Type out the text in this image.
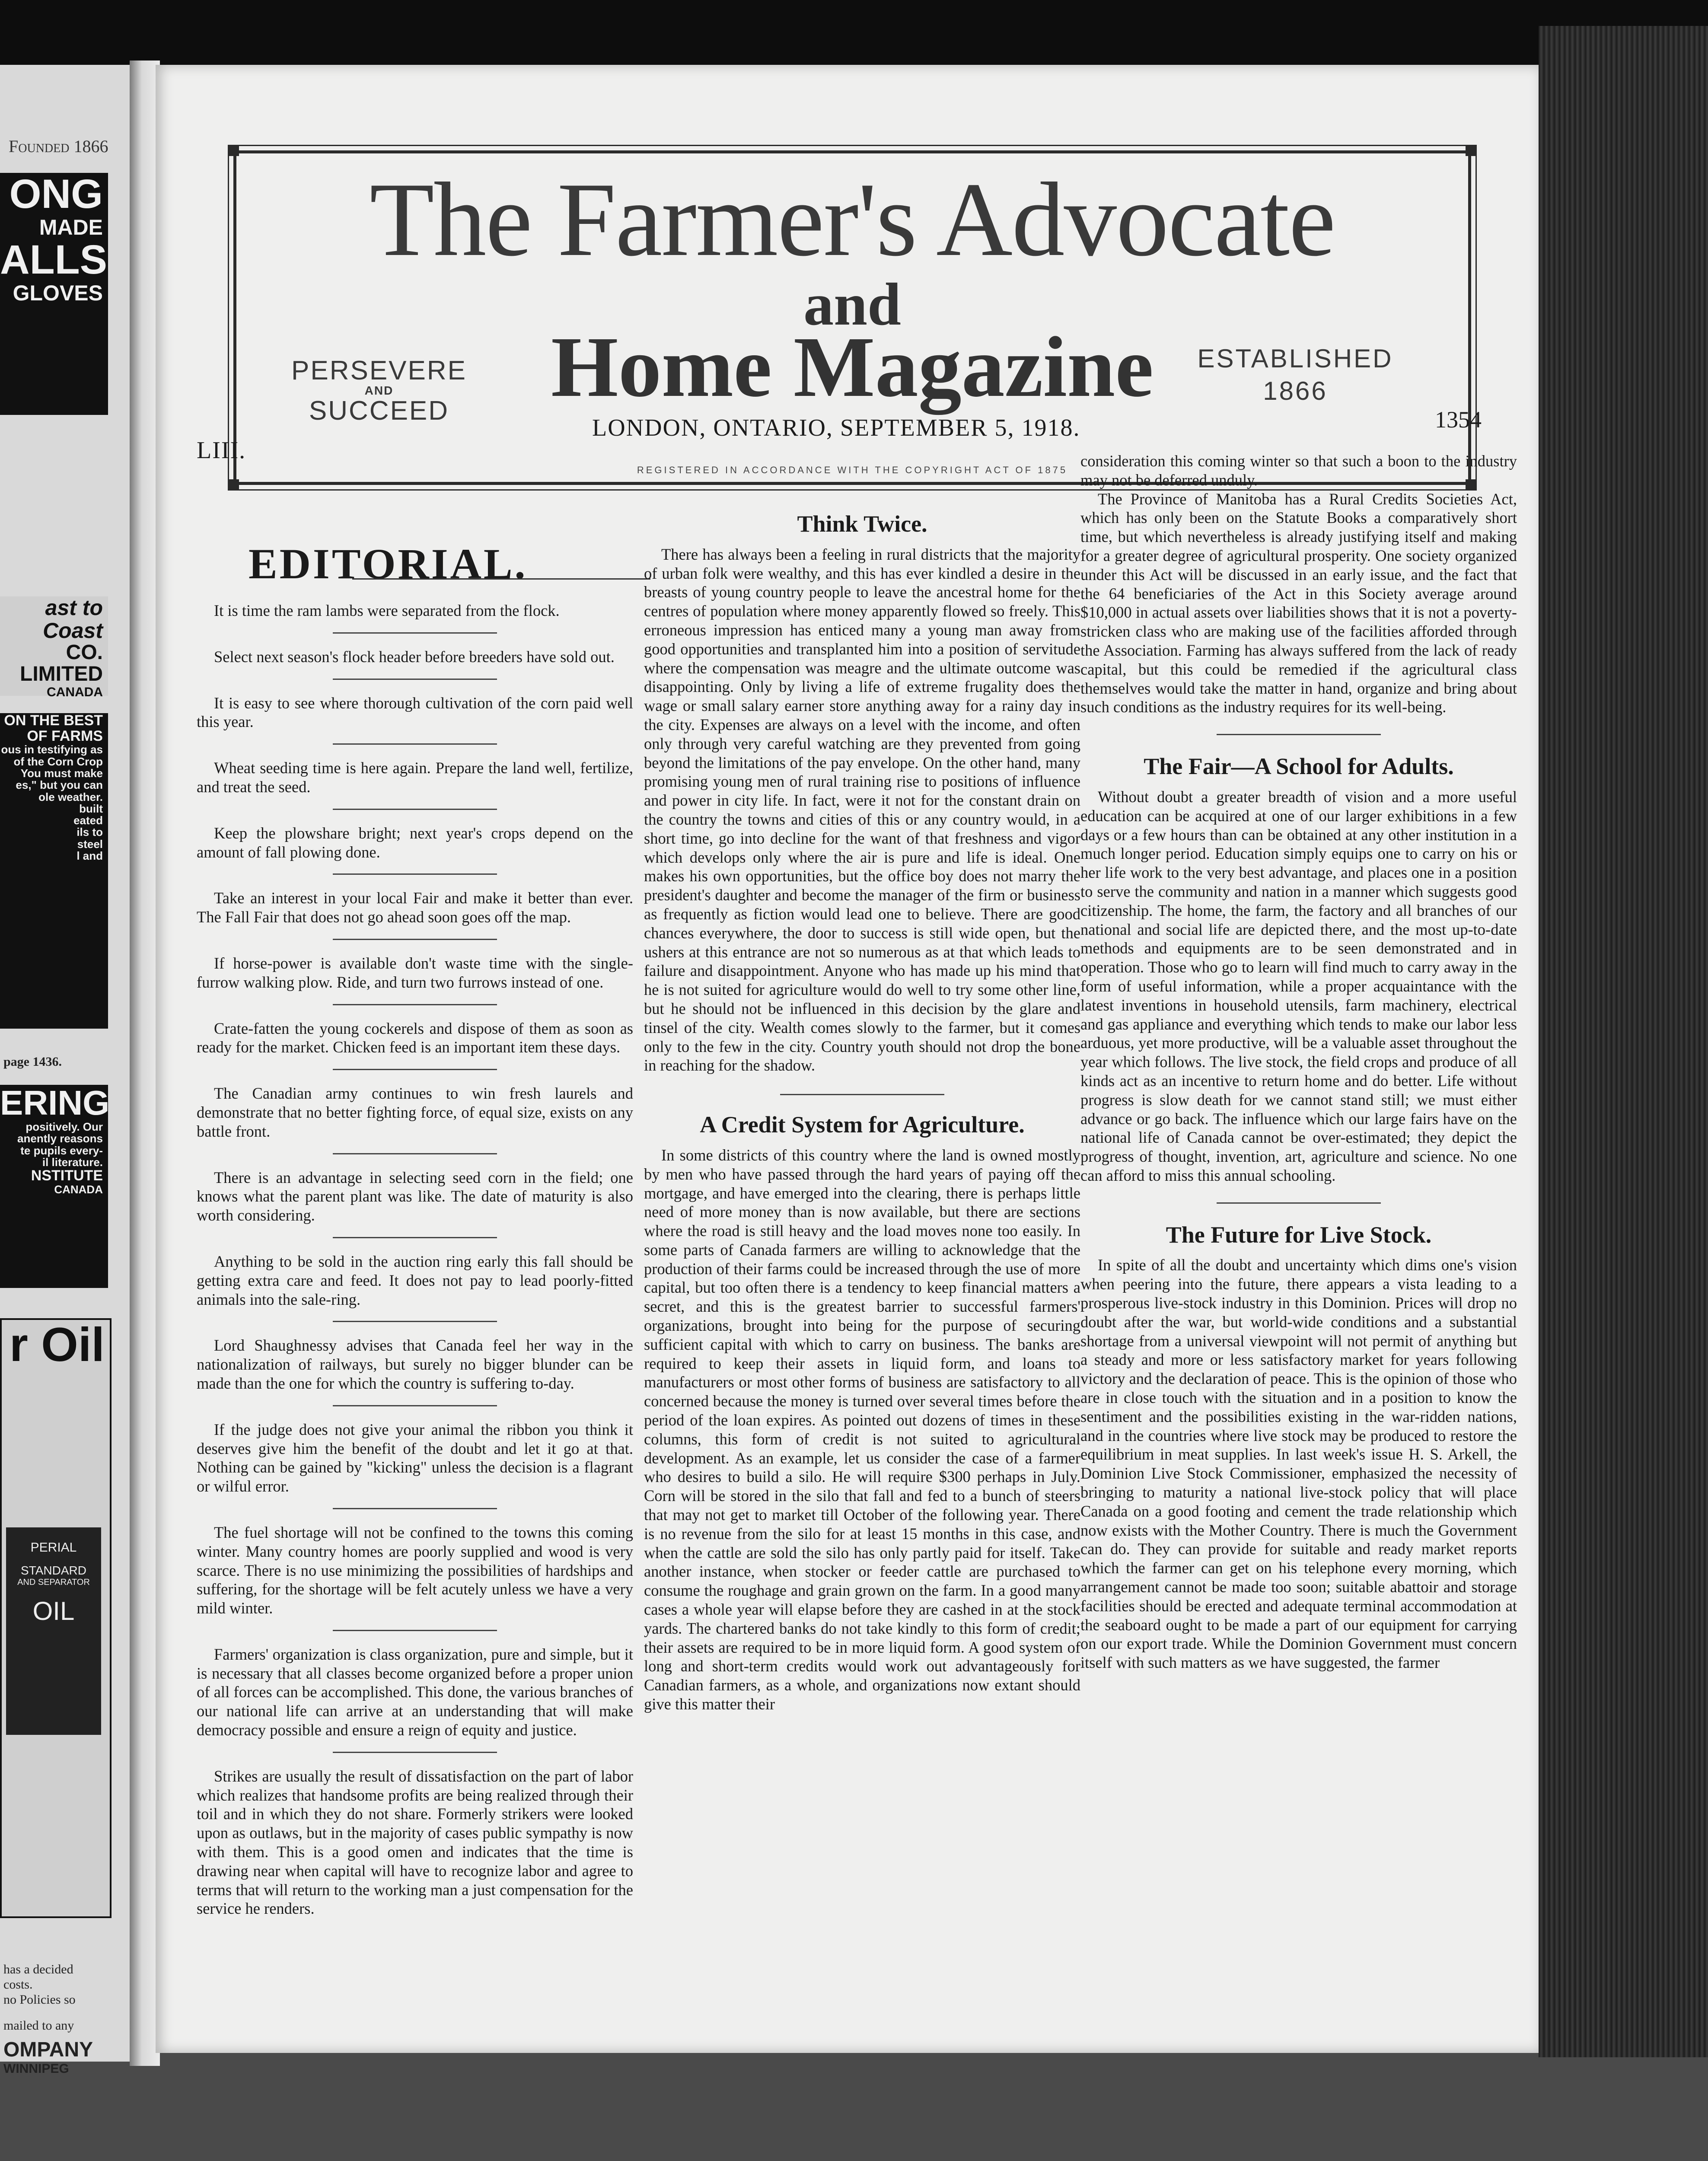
Founded 1866
ONG
MADE
ALLS
GLOVES
ast to Coast
CO. LIMITED
CANADA
ON THE BEST
OF FARMS
ous in testifying as
of the Corn Crop
You must make
es," but you can
ole weather.
built
eated
ils to
steel
l and
page 1436.
ERING
positively. Our
anently reasons
te pupils every-
il literature.
NSTITUTE
CANADA
r Oil
PERIAL
STANDARD
AND SEPARATOR
OIL
has a decided
costs.
no Policies so
mailed to any
OMPANY
WINNIPEG
The Farmer's Advocate
and
Home Magazine
PERSEVERE
AND
SUCCEED
ESTABLISHED
1866
REGISTERED IN ACCORDANCE WITH THE COPYRIGHT ACT OF 1875
LIII.
LONDON, ONTARIO, SEPTEMBER 5, 1918.	1354
EDITORIAL.

It is time the ram lambs were separated from the flock.

Select next season's flock header before breeders have sold out.

It is easy to see where thorough cultivation of the corn paid well this year.

Wheat seeding time is here again. Prepare the land well, fertilize, and treat the seed.

Keep the plowshare bright; next year's crops depend on the amount of fall plowing done.

Take an interest in your local Fair and make it better than ever. The Fall Fair that does not go ahead soon goes off the map.

If horse-power is available don't waste time with the single-furrow walking plow. Ride, and turn two furrows instead of one.

Crate-fatten the young cockerels and dispose of them as soon as ready for the market. Chicken feed is an important item these days.

The Canadian army continues to win fresh laurels and demonstrate that no better fighting force, of equal size, exists on any battle front.

There is an advantage in selecting seed corn in the field; one knows what the parent plant was like. The date of maturity is also worth considering.

Anything to be sold in the auction ring early this fall should be getting extra care and feed. It does not pay to lead poorly-fitted animals into the sale-ring.

Lord Shaughnessy advises that Canada feel her way in the nationalization of railways, but surely no bigger blunder can be made than the one for which the country is suffering to-day.

If the judge does not give your animal the ribbon you think it deserves give him the benefit of the doubt and let it go at that. Nothing can be gained by "kicking" unless the decision is a flagrant or wilful error.

The fuel shortage will not be confined to the towns this coming winter. Many country homes are poorly supplied and wood is very scarce. There is no use minimizing the possibilities of hardships and suffering, for the shortage will be felt acutely unless we have a very mild winter.

Farmers' organization is class organization, pure and simple, but it is necessary that all classes become organized before a proper union of all forces can be accomplished. This done, the various branches of our national life can arrive at an understanding that will make democracy possible and ensure a reign of equity and justice.

Strikes are usually the result of dissatisfaction on the part of labor which realizes that handsome profits are being realized through their toil and in which they do not share. Formerly strikers were looked upon as outlaws, but in the majority of cases public sympathy is now with them. This is a good omen and indicates that the time is drawing near when capital will have to recognize labor and agree to terms that will return to the working man a just compensation for the service he renders.

Think Twice.

There has always been a feeling in rural districts that the majority of urban folk were wealthy, and this has ever kindled a desire in the breasts of young country people to leave the ancestral home for the centres of population where money apparently flowed so freely. This erroneous impression has enticed many a young man away from good opportunities and transplanted him into a position of servitude where the compensation was meagre and the ultimate outcome was disappointing. Only by living a life of extreme frugality does the wage or small salary earner store anything away for a rainy day in the city. Expenses are always on a level with the income, and often only through very careful watching are they prevented from going beyond the limitations of the pay envelope. On the other hand, many promising young men of rural training rise to positions of influence and power in city life. In fact, were it not for the constant drain on the country the towns and cities of this or any country would, in a short time, go into decline for the want of that freshness and vigor which develops only where the air is pure and life is ideal. One makes his own opportunities, but the office boy does not marry the president's daughter and become the manager of the firm or business as frequently as fiction would lead one to believe. There are good chances everywhere, the door to success is still wide open, but the ushers at this entrance are not so numerous as at that which leads to failure and disappointment. Anyone who has made up his mind that he is not suited for agriculture would do well to try some other line, but he should not be influenced in this decision by the glare and tinsel of the city. Wealth comes slowly to the farmer, but it comes only to the few in the city. Country youth should not drop the bone in reaching for the shadow.

A Credit System for Agriculture.

In some districts of this country where the land is owned mostly by men who have passed through the hard years of paying off the mortgage, and have emerged into the clearing, there is perhaps little need of more money than is now available, but there are sections where the road is still heavy and the load moves none too easily. In some parts of Canada farmers are willing to acknowledge that the production of their farms could be increased through the use of more capital, but too often there is a tendency to keep financial matters a secret, and this is the greatest barrier to successful farmers' organizations, brought into being for the purpose of securing sufficient capital with which to carry on business. The banks are required to keep their assets in liquid form, and loans to manufacturers or most other forms of business are satisfactory to all concerned because the money is turned over several times before the period of the loan expires. As pointed out dozens of times in these columns, this form of credit is not suited to agricultural development. As an example, let us consider the case of a farmer who desires to build a silo. He will require $300 perhaps in July. Corn will be stored in the silo that fall and fed to a bunch of steers that may not get to market till October of the following year. There is no revenue from the silo for at least 15 months in this case, and when the cattle are sold the silo has only partly paid for itself. Take another instance, when stocker or feeder cattle are purchased to consume the roughage and grain grown on the farm. In a good many cases a whole year will elapse before they are cashed in at the stock yards. The chartered banks do not take kindly to this form of credit; their assets are required to be in more liquid form. A good system of long and short-term credits would work out advantageously for Canadian farmers, as a whole, and organizations now extant should give this matter their

consideration this coming winter so that such a boon to the industry may not be deferred unduly.

The Province of Manitoba has a Rural Credits Societies Act, which has only been on the Statute Books a comparatively short time, but which nevertheless is already justifying itself and making for a greater degree of agricultural prosperity. One society organized under this Act will be discussed in an early issue, and the fact that the 64 beneficiaries of the Act in this Society average around $10,000 in actual assets over liabilities shows that it is not a poverty-stricken class who are making use of the facilities afforded through the Association. Farming has always suffered from the lack of ready capital, but this could be remedied if the agricultural class themselves would take the matter in hand, organize and bring about such conditions as the industry requires for its well-being.

The Fair—A School for Adults.

Without doubt a greater breadth of vision and a more useful education can be acquired at one of our larger exhibitions in a few days or a few hours than can be obtained at any other institution in a much longer period. Education simply equips one to carry on his or her life work to the very best advantage, and places one in a position to serve the community and nation in a manner which suggests good citizenship. The home, the farm, the factory and all branches of our national and social life are depicted there, and the most up-to-date methods and equipments are to be seen demonstrated and in operation. Those who go to learn will find much to carry away in the form of useful information, while a proper acquaintance with the latest inventions in household utensils, farm machinery, electrical and gas appliance and everything which tends to make our labor less arduous, yet more productive, will be a valuable asset throughout the year which follows. The live stock, the field crops and produce of all kinds act as an incentive to return home and do better. Life without progress is slow death for we cannot stand still; we must either advance or go back. The influence which our large fairs have on the national life of Canada cannot be over-estimated; they depict the progress of thought, invention, art, agriculture and science. No one can afford to miss this annual schooling.

The Future for Live Stock.

In spite of all the doubt and uncertainty which dims one's vision when peering into the future, there appears a vista leading to a prosperous live-stock industry in this Dominion. Prices will drop no doubt after the war, but world-wide conditions and a substantial shortage from a universal viewpoint will not permit of anything but a steady and more or less satisfactory market for years following victory and the declaration of peace. This is the opinion of those who are in close touch with the situation and in a position to know the sentiment and the possibilities existing in the war-ridden nations, and in the countries where live stock may be produced to restore the equilibrium in meat supplies. In last week's issue H. S. Arkell, the Dominion Live Stock Commissioner, emphasized the necessity of bringing to maturity a national live-stock policy that will place Canada on a good footing and cement the trade relationship which now exists with the Mother Country. There is much the Government can do. They can provide for suitable and ready market reports which the farmer can get on his telephone every morning, which arrangement cannot be made too soon; suitable abattoir and storage facilities should be erected and adequate terminal accommodation at the seaboard ought to be made a part of our equipment for carrying on our export trade. While the Dominion Government must concern itself with such matters as we have suggested, the farmer
